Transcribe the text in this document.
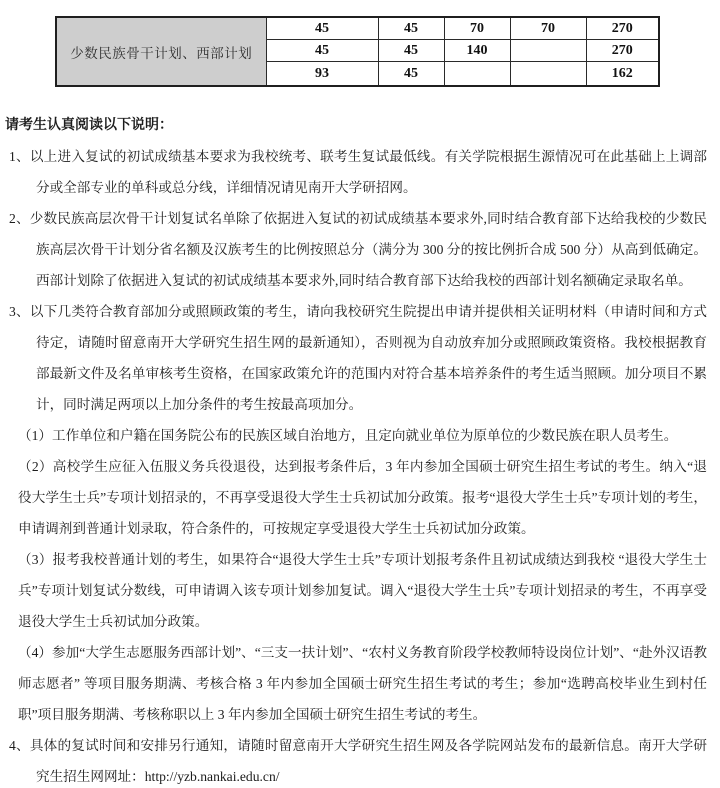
少数民族骨干计划、西部计划	45	45	70	70	270
	45	45	140		270
	93	45			162
请考生认真阅读以下说明：

1、以上进入复试的初试成绩基本要求为我校统考、联考生复试最低线。有关学院根据生源情况可在此基础上上调部分或全部专业的单科或总分线，详细情况请见南开大学研招网。

2、少数民族高层次骨干计划复试名单除了依据进入复试的初试成绩基本要求外,同时结合教育部下达给我校的少数民族高层次骨干计划分省名额及汉族考生的比例按照总分（满分为 300 分的按比例折合成 500 分）从高到低确定。西部计划除了依据进入复试的初试成绩基本要求外,同时结合教育部下达给我校的西部计划名额确定录取名单。

3、以下几类符合教育部加分或照顾政策的考生，请向我校研究生院提出申请并提供相关证明材料（申请时间和方式待定，请随时留意南开大学研究生招生网的最新通知），否则视为自动放弃加分或照顾政策资格。我校根据教育部最新文件及名单审核考生资格，在国家政策允许的范围内对符合基本培养条件的考生适当照顾。加分项目不累计，同时满足两项以上加分条件的考生按最高项加分。

（1）工作单位和户籍在国务院公布的民族区域自治地方，且定向就业单位为原单位的少数民族在职人员考生。

（2）高校学生应征入伍服义务兵役退役，达到报考条件后，3 年内参加全国硕士研究生招生考试的考生。纳入“退役大学生士兵”专项计划招录的，不再享受退役大学生士兵初试加分政策。报考“退役大学生士兵”专项计划的考生，申请调剂到普通计划录取，符合条件的，可按规定享受退役大学生士兵初试加分政策。

（3）报考我校普通计划的考生，如果符合“退役大学生士兵”专项计划报考条件且初试成绩达到我校 “退役大学生士兵”专项计划复试分数线，可申请调入该专项计划参加复试。调入“退役大学生士兵”专项计划招录的考生，不再享受退役大学生士兵初试加分政策。

（4）参加“大学生志愿服务西部计划”、“三支一扶计划”、“农村义务教育阶段学校教师特设岗位计划”、“赴外汉语教师志愿者” 等项目服务期满、考核合格 3 年内参加全国硕士研究生招生考试的考生；参加“选聘高校毕业生到村任职”项目服务期满、考核称职以上 3 年内参加全国硕士研究生招生考试的考生。

4、具体的复试时间和安排另行通知，请随时留意南开大学研究生招生网及各学院网站发布的最新信息。南开大学研究生招生网网址：http://yzb.nankai.edu.cn/
